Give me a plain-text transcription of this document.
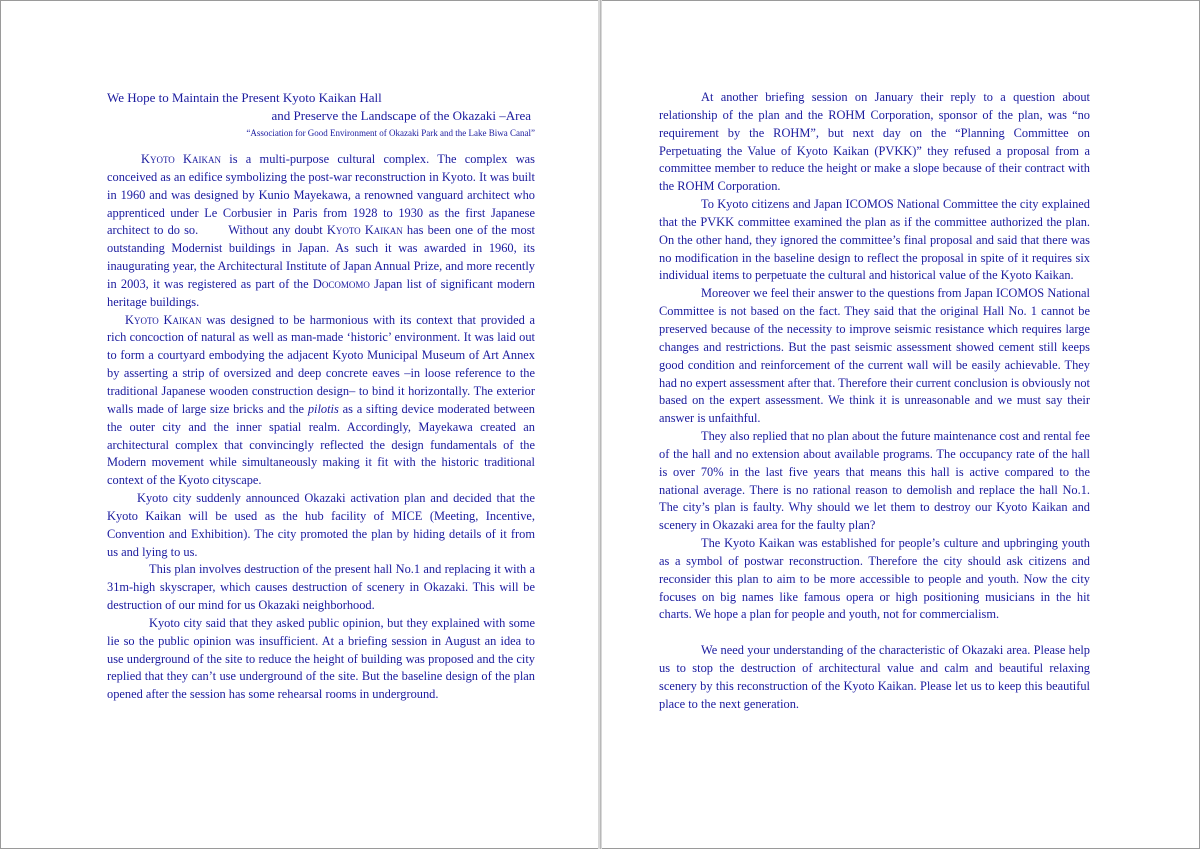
We Hope to Maintain the Present Kyoto Kaikan Hall

and Preserve the Landscape of the Okazaki –Area

“Association for Good Environment of Okazaki Park and the Lake Biwa Canal”

Kyoto Kaikan is a multi-purpose cultural complex. The complex was conceived as an edifice symbolizing the post-war reconstruction in Kyoto. It was built in 1960 and was designed by Kunio Mayekawa, a renowned vanguard architect who apprenticed under Le Corbusier in Paris from 1928 to 1930 as the first Japanese architect to do so. Without any doubt Kyoto Kaikan has been one of the most outstanding Modernist buildings in Japan. As such it was awarded in 1960, its inaugurating year, the Architectural Institute of Japan Annual Prize, and more recently in 2003, it was registered as part of the Docomomo Japan list of significant modern heritage buildings.

Kyoto Kaikan was designed to be harmonious with its context that provided a rich concoction of natural as well as man-made ‘historic’ environment. It was laid out to form a courtyard embodying the adjacent Kyoto Municipal Museum of Art Annex by asserting a strip of oversized and deep concrete eaves –in loose reference to the traditional Japanese wooden construction design– to bind it horizontally. The exterior walls made of large size bricks and the pilotis as a sifting device moderated between the outer city and the inner spatial realm. Accordingly, Mayekawa created an architectural complex that convincingly reflected the design fundamentals of the Modern movement while simultaneously making it fit with the historic traditional context of the Kyoto cityscape.

Kyoto city suddenly announced Okazaki activation plan and decided that the Kyoto Kaikan will be used as the hub facility of MICE (Meeting, Incentive, Convention and Exhibition). The city promoted the plan by hiding details of it from us and lying to us.

This plan involves destruction of the present hall No.1 and replacing it with a 31m-high skyscraper, which causes destruction of scenery in Okazaki. This will be destruction of our mind for us Okazaki neighborhood.

Kyoto city said that they asked public opinion, but they explained with some lie so the public opinion was insufficient. At a briefing session in August an idea to use underground of the site to reduce the height of building was proposed and the city replied that they can’t use underground of the site. But the baseline design of the plan opened after the session has some rehearsal rooms in underground.

At another briefing session on January their reply to a question about relationship of the plan and the ROHM Corporation, sponsor of the plan, was “no requirement by the ROHM”, but next day on the “Planning Committee on Perpetuating the Value of Kyoto Kaikan (PVKK)” they refused a proposal from a committee member to reduce the height or make a slope because of their contract with the ROHM Corporation.

To Kyoto citizens and Japan ICOMOS National Committee the city explained that the PVKK committee examined the plan as if the committee authorized the plan. On the other hand, they ignored the committee’s final proposal and said that there was no modification in the baseline design to reflect the proposal in spite of it requires six individual items to perpetuate the cultural and historical value of the Kyoto Kaikan.

Moreover we feel their answer to the questions from Japan ICOMOS National Committee is not based on the fact. They said that the original Hall No. 1 cannot be preserved because of the necessity to improve seismic resistance which requires large changes and restrictions. But the past seismic assessment showed cement still keeps good condition and reinforcement of the current wall will be easily achievable. They had no expert assessment after that. Therefore their current conclusion is obviously not based on the expert assessment. We think it is unreasonable and we must say their answer is unfaithful.

They also replied that no plan about the future maintenance cost and rental fee of the hall and no extension about available programs. The occupancy rate of the hall is over 70% in the last five years that means this hall is active compared to the national average. There is no rational reason to demolish and replace the hall No.1. The city’s plan is faulty. Why should we let them to destroy our Kyoto Kaikan and scenery in Okazaki area for the faulty plan?

The Kyoto Kaikan was established for people’s culture and upbringing youth as a symbol of postwar reconstruction. Therefore the city should ask citizens and reconsider this plan to aim to be more accessible to people and youth. Now the city focuses on big names like famous opera or high positioning musicians in the hit charts. We hope a plan for people and youth, not for commercialism.

We need your understanding of the characteristic of Okazaki area. Please help us to stop the destruction of architectural value and calm and beautiful relaxing scenery by this reconstruction of the Kyoto Kaikan. Please let us to keep this beautiful place to the next generation.
